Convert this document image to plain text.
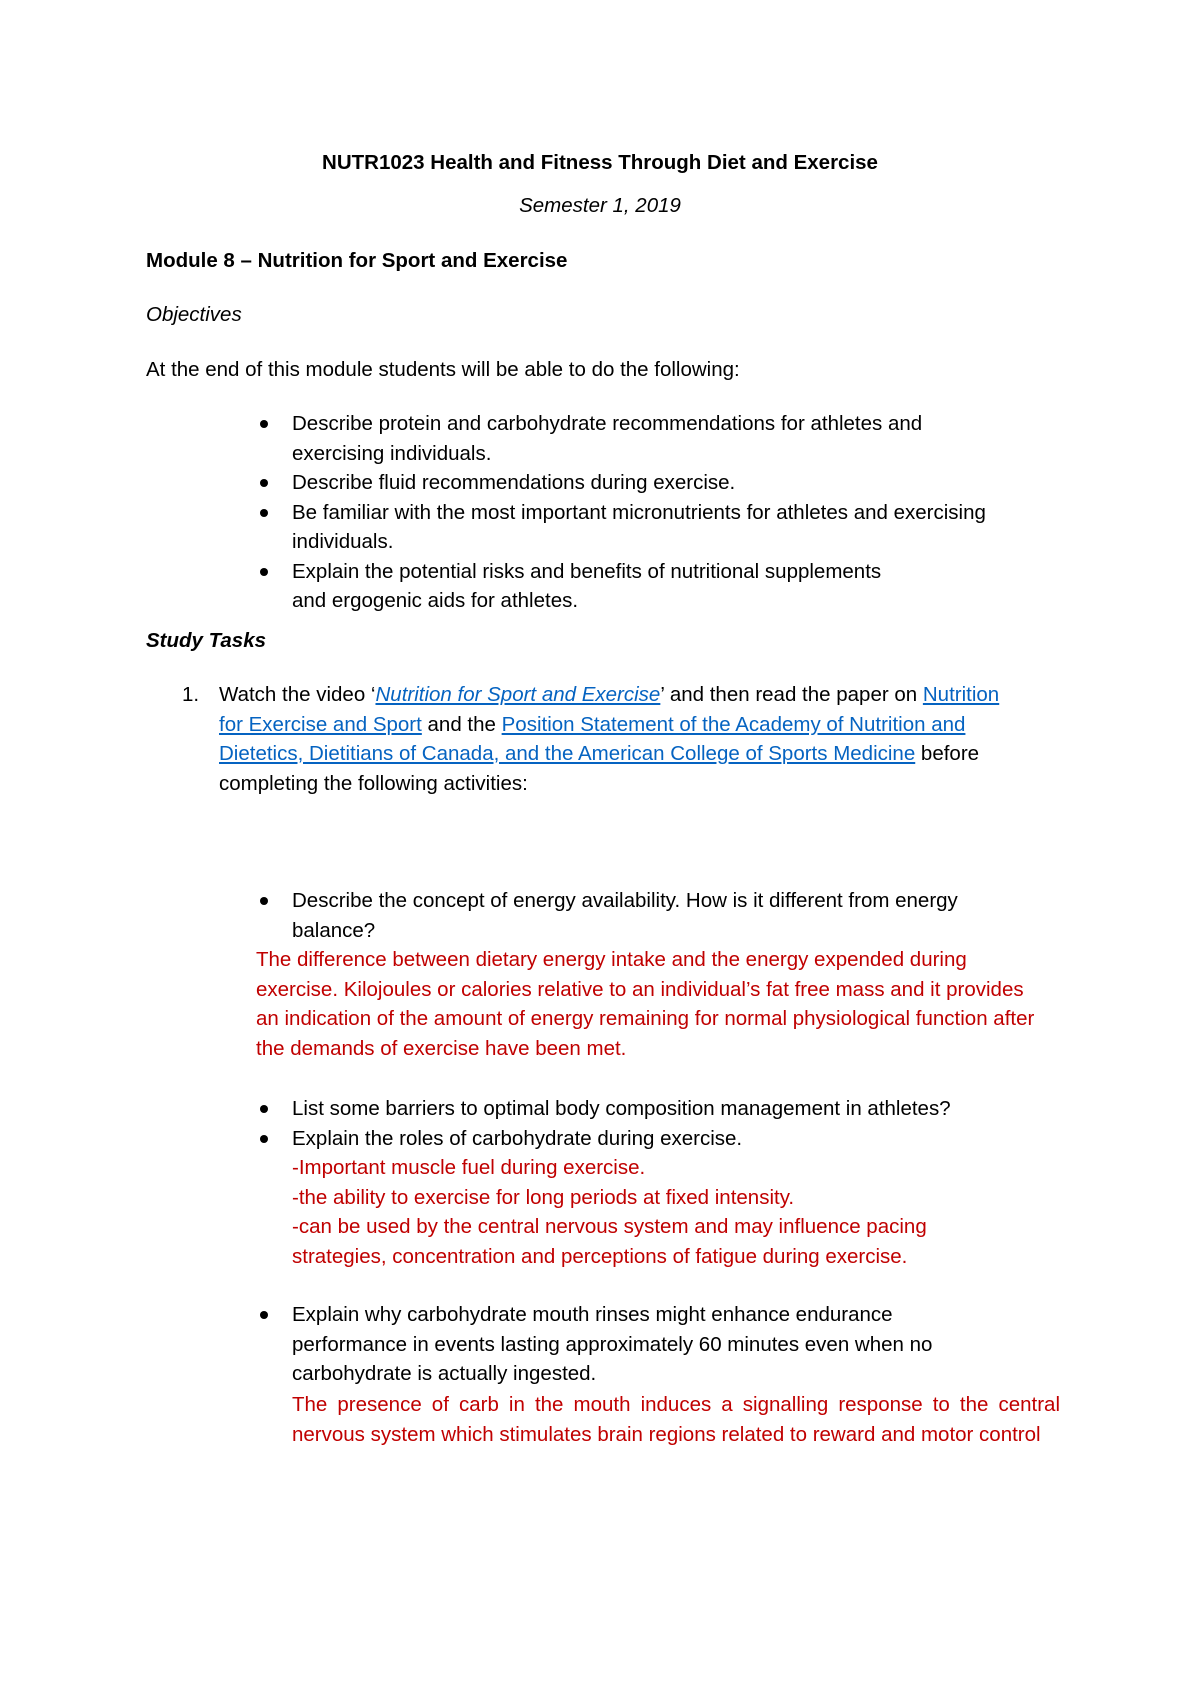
NUTR1023 Health and Fitness Through Diet and Exercise
Semester 1, 2019
Module 8 – Nutrition for Sport and Exercise
Objectives
At the end of this module students will be able to do the following:
Describe protein and carbohydrate recommendations for athletes and exercising individuals.
Describe fluid recommendations during exercise.
Be familiar with the most important micronutrients for athletes and exercising individuals.
Explain the potential risks and benefits of nutritional supplements and ergogenic aids for athletes.
Study Tasks
1. Watch the video ‘Nutrition for Sport and Exercise’ and then read the paper on Nutrition for Exercise and Sport and the Position Statement of the Academy of Nutrition and Dietetics, Dietitians of Canada, and the American College of Sports Medicine before completing the following activities:
Describe the concept of energy availability. How is it different from energy balance?
The difference between dietary energy intake and the energy expended during exercise. Kilojoules or calories relative to an individual’s fat free mass and it provides an indication of the amount of energy remaining for normal physiological function after the demands of exercise have been met.
List some barriers to optimal body composition management in athletes?
Explain the roles of carbohydrate during exercise.
-Important muscle fuel during exercise.
-the ability to exercise for long periods at fixed intensity.
-can be used by the central nervous system and may influence pacing strategies, concentration and perceptions of fatigue during exercise.
Explain why carbohydrate mouth rinses might enhance endurance performance in events lasting approximately 60 minutes even when no carbohydrate is actually ingested.
The presence of carb in the mouth induces a signalling response to the central nervous system which stimulates brain regions related to reward and motor control
